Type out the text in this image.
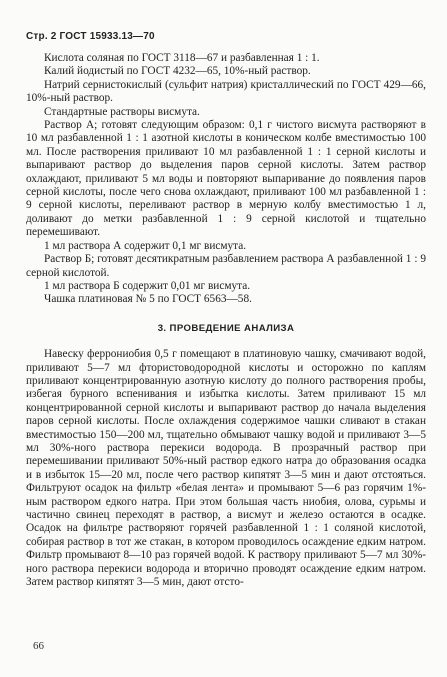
Стр. 2 ГОСТ 15933.13—70

Кислота соляная по ГОСТ 3118—67 и разбавленная 1 : 1.

Калий йодистый по ГОСТ 4232—65, 10%-ный раствор.

Натрий сернистокислый (сульфит натрия) кристаллический по ГОСТ 429—66, 10%-ный раствор.

Стандартные растворы висмута.

Раствор А; готовят следующим образом: 0,1 г чистого висмута растворяют в 10 мл разбавленной 1 : 1 азотной кислоты в коническом колбе вместимостью 100 мл. После растворения приливают 10 мл разбавленной 1 : 1 серной кислоты и выпаривают раствор до выделения паров серной кислоты. Затем раствор охлаждают, приливают 5 мл воды и повторяют выпаривание до появления паров серной кислоты, после чего снова охлаждают, приливают 100 мл разбавленной 1 : 9 серной кислоты, переливают раствор в мерную колбу вместимостью 1 л, доливают до метки разбавленной 1 : 9 серной кислотой и тщательно перемешивают.

1 мл раствора А содержит 0,1 мг висмута.

Раствор Б; готовят десятикратным разбавлением раствора А разбавленной 1 : 9 серной кислотой.

1 мл раствора Б содержит 0,01 мг висмута.

Чашка платиновая № 5 по ГОСТ 6563—58.

3. ПРОВЕДЕНИЕ АНАЛИЗА

Навеску феррониобия 0,5 г помещают в платиновую чашку, смачивают водой, приливают 5—7 мл фтористоводородной кислоты и осторожно по каплям приливают концентрированную азотную кислоту до полного растворения пробы, избегая бурного вспенивания и избытка кислоты. Затем приливают 15 мл концентрированной серной кислоты и выпаривают раствор до начала выделения паров серной кислоты. После охлаждения содержимое чашки сливают в стакан вместимостью 150—200 мл, тщательно обмывают чашку водой и приливают 3—5 мл 30%-ного раствора перекиси водорода. В прозрачный раствор при перемешивании приливают 50%-ный раствор едкого натра до образования осадка и в избыток 15—20 мл, после чего раствор кипятят 3—5 мин и дают отстояться. Фильтруют осадок на фильтр «белая лента» и промывают 5—6 раз горячим 1%-ным раствором едкого натра. При этом большая часть ниобия, олова, сурьмы и частично свинец переходят в раствор, а висмут и железо остаются в осадке. Осадок на фильтре растворяют горячей разбавленной 1 : 1 соляной кислотой, собирая раствор в тот же стакан, в котором проводилось осаждение едким натром. Фильтр промывают 8—10 раз горячей водой. К раствору приливают 5—7 мл 30%-ного раствора перекиси водорода и вторично проводят осаждение едким натром. Затем раствор кипятят 3—5 мин, дают отсто-

66
